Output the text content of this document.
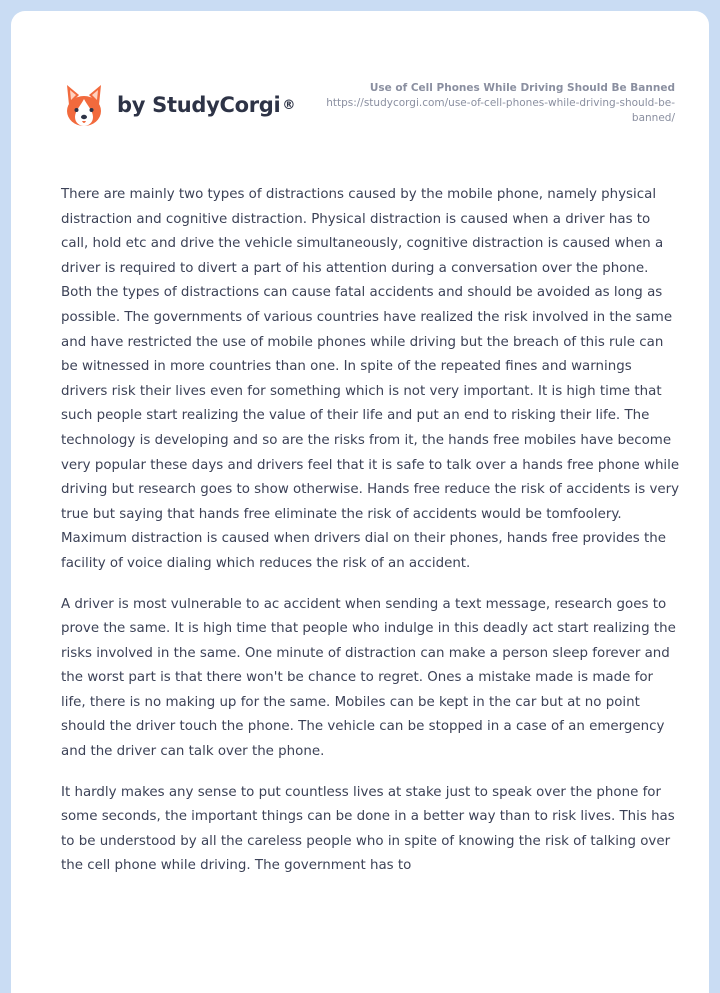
by StudyCorgi ®
Use of Cell Phones While Driving Should Be Banned
https://studycorgi.com/use-of-cell-phones-while-driving-should-be-banned/

There are mainly two types of distractions caused by the mobile phone, namely physical distraction and cognitive distraction. Physical distraction is caused when a driver has to call, hold etc and drive the vehicle simultaneously, cognitive distraction is caused when a driver is required to divert a part of his attention during a conversation over the phone. Both the types of distractions can cause fatal accidents and should be avoided as long as possible. The governments of various countries have realized the risk involved in the same and have restricted the use of mobile phones while driving but the breach of this rule can be witnessed in more countries than one. In spite of the repeated fines and warnings drivers risk their lives even for something which is not very important. It is high time that such people start realizing the value of their life and put an end to risking their life. The technology is developing and so are the risks from it, the hands free mobiles have become very popular these days and drivers feel that it is safe to talk over a hands free phone while driving but research goes to show otherwise. Hands free reduce the risk of accidents is very true but saying that hands free eliminate the risk of accidents would be tomfoolery. Maximum distraction is caused when drivers dial on their phones, hands free provides the facility of voice dialing which reduces the risk of an accident.

A driver is most vulnerable to ac accident when sending a text message, research goes to prove the same. It is high time that people who indulge in this deadly act start realizing the risks involved in the same. One minute of distraction can make a person sleep forever and the worst part is that there won't be chance to regret. Ones a mistake made is made for life, there is no making up for the same. Mobiles can be kept in the car but at no point should the driver touch the phone. The vehicle can be stopped in a case of an emergency and the driver can talk over the phone.

It hardly makes any sense to put countless lives at stake just to speak over the phone for some seconds, the important things can be done in a better way than to risk lives. This has to be understood by all the careless people who in spite of knowing the risk of talking over the cell phone while driving. The government has to
